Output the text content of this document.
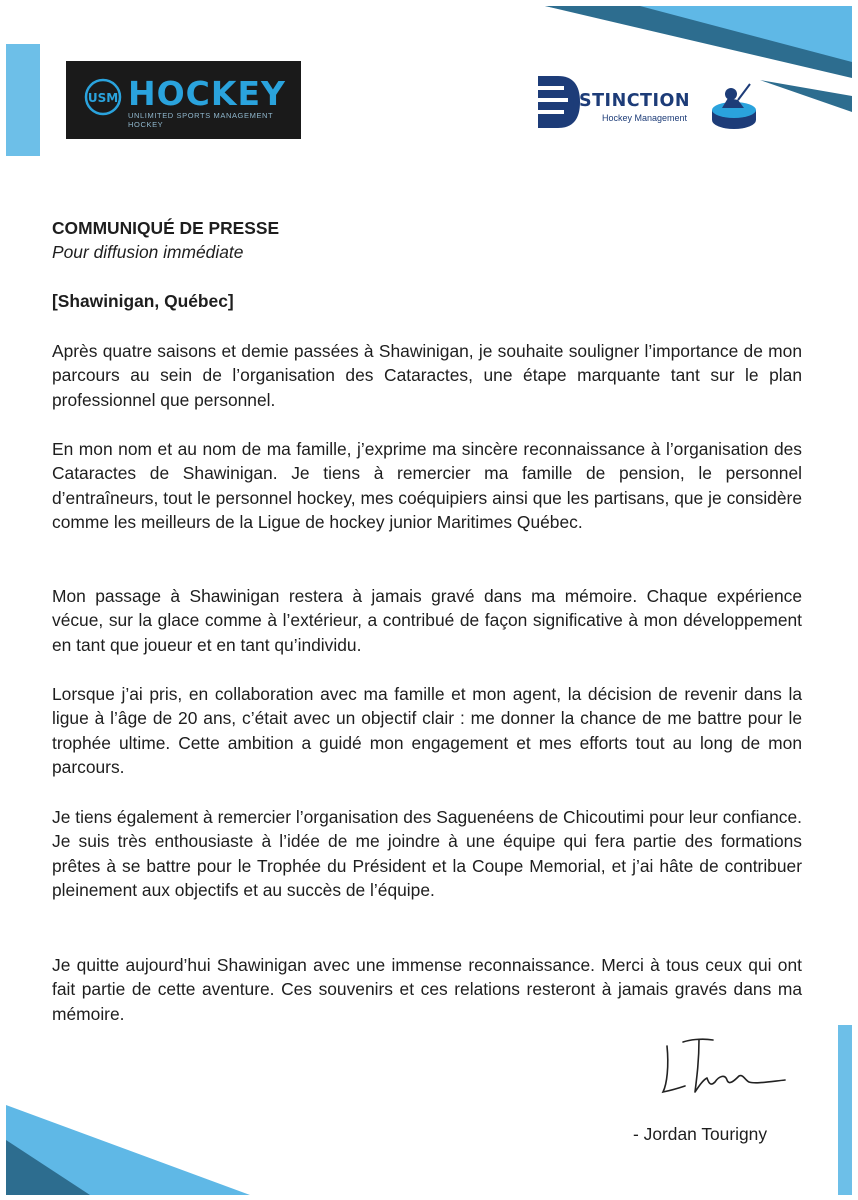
USM HOCKEY
UNLIMITED SPORTS MANAGEMENT HOCKEY
ISTINCTION
Hockey Management
COMMUNIQUÉ DE PRESSE
Pour diffusion immédiate
[Shawinigan, Québec]
Après quatre saisons et demie passées à Shawinigan, je souhaite souligner l’importance de mon parcours au sein de l’organisation des Cataractes, une étape marquante tant sur le plan professionnel que personnel.
En mon nom et au nom de ma famille, j’exprime ma sincère reconnaissance à l’organisation des Cataractes de Shawinigan. Je tiens à remercier ma famille de pension, le personnel d’entraîneurs, tout le personnel hockey, mes coéquipiers ainsi que les partisans, que je considère comme les meilleurs de la Ligue de hockey junior Maritimes Québec.
Mon passage à Shawinigan restera à jamais gravé dans ma mémoire. Chaque expérience vécue, sur la glace comme à l’extérieur, a contribué de façon significative à mon développement en tant que joueur et en tant qu’individu.
Lorsque j’ai pris, en collaboration avec ma famille et mon agent, la décision de revenir dans la ligue à l’âge de 20 ans, c’était avec un objectif clair : me donner la chance de me battre pour le trophée ultime. Cette ambition a guidé mon engagement et mes efforts tout au long de mon parcours.
Je tiens également à remercier l’organisation des Saguenéens de Chicoutimi pour leur confiance. Je suis très enthousiaste à l’idée de me joindre à une équipe qui fera partie des formations prêtes à se battre pour le Trophée du Président et la Coupe Memorial, et j’ai hâte de contribuer pleinement aux objectifs et au succès de l’équipe.
Je quitte aujourd’hui Shawinigan avec une immense reconnaissance. Merci à tous ceux qui ont fait partie de cette aventure. Ces souvenirs et ces relations resteront à jamais gravés dans ma mémoire.
- Jordan Tourigny
